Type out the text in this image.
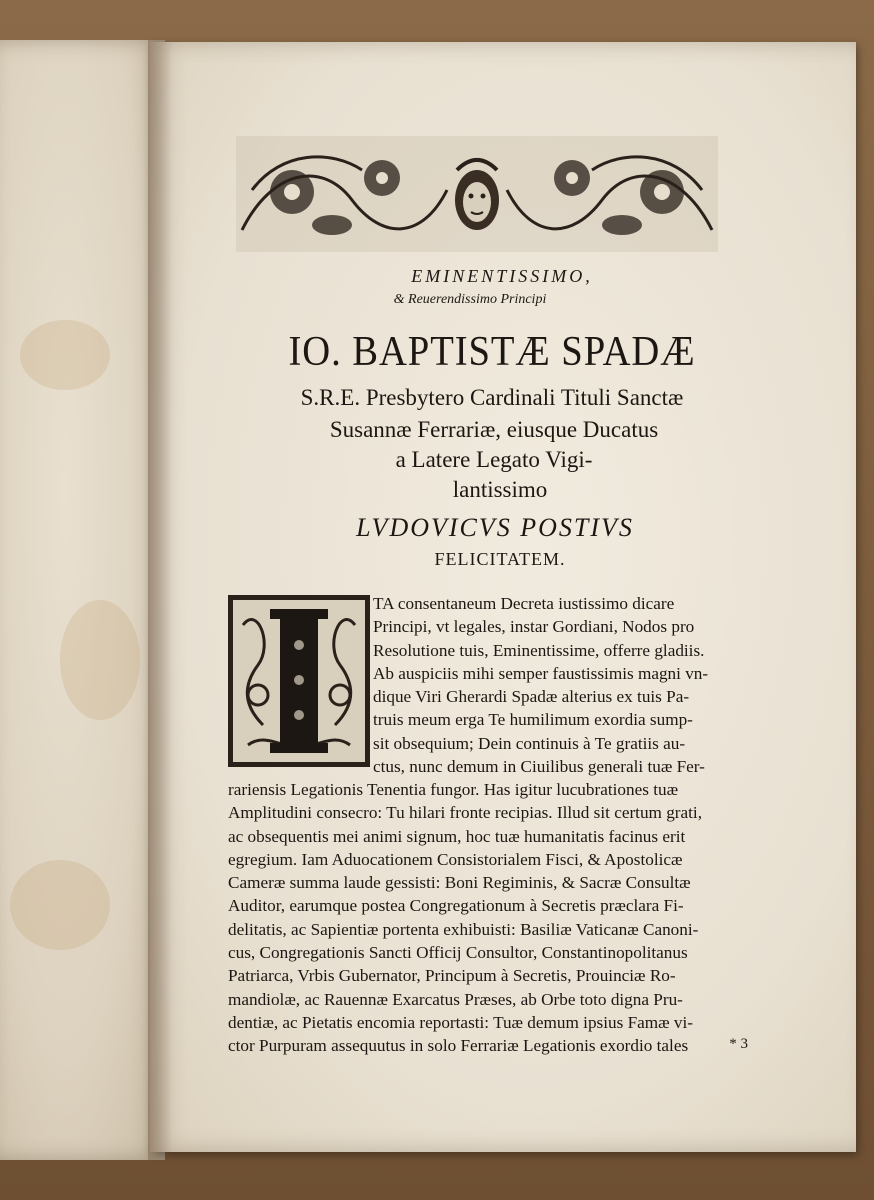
EMINENTISSIMO,

& Reuerendissimo Principi

IO. BAPTISTÆ SPADÆ

S.R.E. Presbytero Cardinali Tituli Sanctæ

Susannæ Ferrariæ, eiusque Ducatus

a Latere Legato Vigi-

lantissimo

LVDOVICVS POSTIVS

FELICITATEM.

TA consentaneum Decreta iustissimo dicare
Principi, vt legales, instar Gordiani, Nodos pro
Resolutione tuis, Eminentissime, offerre gladiis.
Ab auspiciis mihi semper faustissimis magni vn-
dique Viri Gherardi Spadæ alterius ex tuis Pa-
truis meum erga Te humilimum exordia sump-
sit obsequium; Dein continuis à Te gratiis au-
ctus, nunc demum in Ciuilibus generali tuæ Fer-
rariensis Legationis Tenentia fungor. Has igitur lucubrationes tuæ
Amplitudini consecro: Tu hilari fronte recipias. Illud sit certum grati,
ac obsequentis mei animi signum, hoc tuæ humanitatis facinus erit
egregium. Iam Aduocationem Consistorialem Fisci, & Apostolicæ
Cameræ summa laude gessisti: Boni Regiminis, & Sacræ Consultæ
Auditor, earumque postea Congregationum à Secretis præclara Fi-
delitatis, ac Sapientiæ portenta exhibuisti: Basiliæ Vaticanæ Canoni-
cus, Congregationis Sancti Officij Consultor, Constantinopolitanus
Patriarca, Vrbis Gubernator, Principum à Secretis, Prouinciæ Ro-
mandiolæ, ac Rauennæ Exarcatus Præses, ab Orbe toto digna Pru-
dentiæ, ac Pietatis encomia reportasti: Tuæ demum ipsius Famæ vi-
ctor Purpuram assequutus in solo Ferrariæ Legationis exordio tales	* 3
